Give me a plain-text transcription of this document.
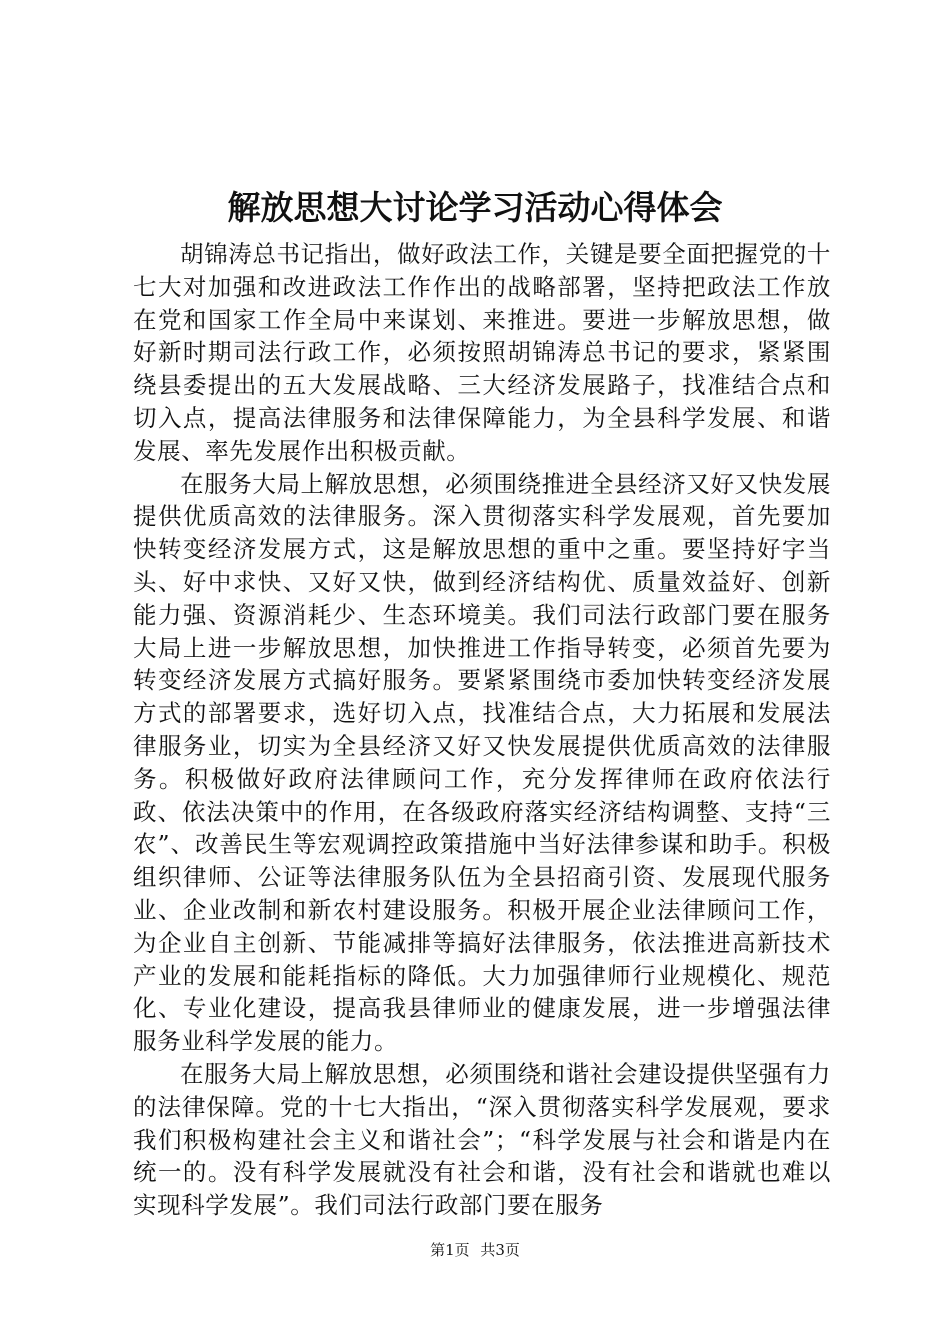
解放思想大讨论学习活动心得体会

胡锦涛总书记指出，做好政法工作，关键是要全面把握党的十七大对加强和改进政法工作作出的战略部署，坚持把政法工作放在党和国家工作全局中来谋划、来推进。要进一步解放思想，做好新时期司法行政工作，必须按照胡锦涛总书记的要求，紧紧围绕县委提出的五大发展战略、三大经济发展路子，找准结合点和切入点，提高法律服务和法律保障能力，为全县科学发展、和谐发展、率先发展作出积极贡献。

在服务大局上解放思想，必须围绕推进全县经济又好又快发展提供优质高效的法律服务。深入贯彻落实科学发展观，首先要加快转变经济发展方式，这是解放思想的重中之重。要坚持好字当头、好中求快、又好又快，做到经济结构优、质量效益好、创新能力强、资源消耗少、生态环境美。我们司法行政部门要在服务大局上进一步解放思想，加快推进工作指导转变，必须首先要为转变经济发展方式搞好服务。要紧紧围绕市委加快转变经济发展方式的部署要求，选好切入点，找准结合点，大力拓展和发展法律服务业，切实为全县经济又好又快发展提供优质高效的法律服务。积极做好政府法律顾问工作，充分发挥律师在政府依法行政、依法决策中的作用，在各级政府落实经济结构调整、支持“三农”、改善民生等宏观调控政策措施中当好法律参谋和助手。积极组织律师、公证等法律服务队伍为全县招商引资、发展现代服务业、企业改制和新农村建设服务。积极开展企业法律顾问工作，为企业自主创新、节能减排等搞好法律服务，依法推进高新技术产业的发展和能耗指标的降低。大力加强律师行业规模化、规范化、专业化建设，提高我县律师业的健康发展，进一步增强法律服务业科学发展的能力。

在服务大局上解放思想，必须围绕和谐社会建设提供坚强有力的法律保障。党的十七大指出，“深入贯彻落实科学发展观，要求我们积极构建社会主义和谐社会”；“科学发展与社会和谐是内在统一的。没有科学发展就没有社会和谐，没有社会和谐就也难以实现科学发展”。我们司法行政部门要在服务

第1页 共3页
